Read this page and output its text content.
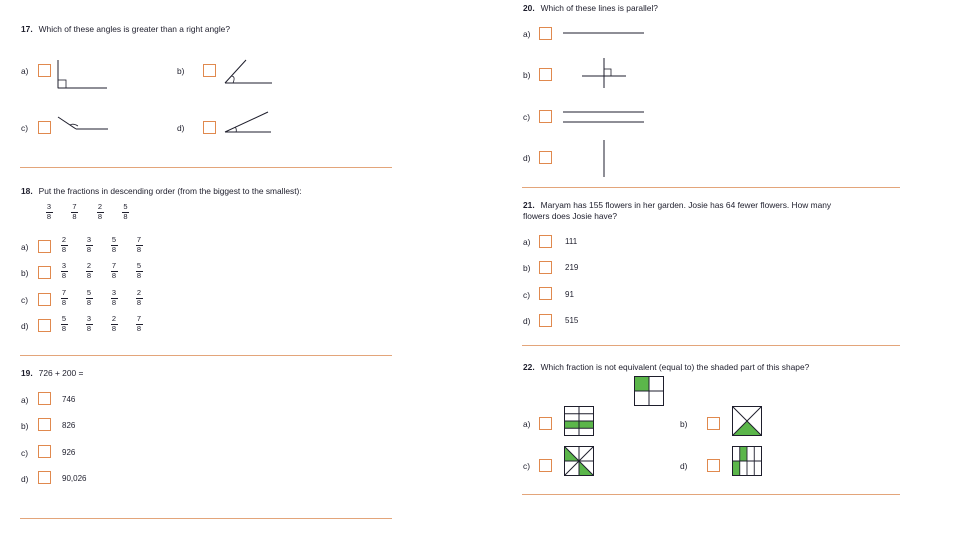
17. Which of these angles is greater than a right angle?
a)	b)
c)	d)
18. Put the fractions in descending order (from the biggest to the smallest):
3
8
7
8
2
8
5
8
a)
2
8
3
8
5
8
7
8
b)
3
8
2
8
7
8
5
8
c)
7
8
5
8
3
8
2
8
d)
5
8
3
8
2
8
7
8
19. 726 + 200 =
a)	746
b)	826
c)	926
d)	90,026
20. Which of these lines is parallel?
a)
b)
c)
d)
21. Maryam has 155 flowers in her garden. Josie has 64 fewer flowers. How many
flowers does Josie have?
a)	111
b)	219
c)	91
d)	515
22. Which fraction is not equivalent (equal to) the shaded part of this shape?
a)	b)
c)	d)
